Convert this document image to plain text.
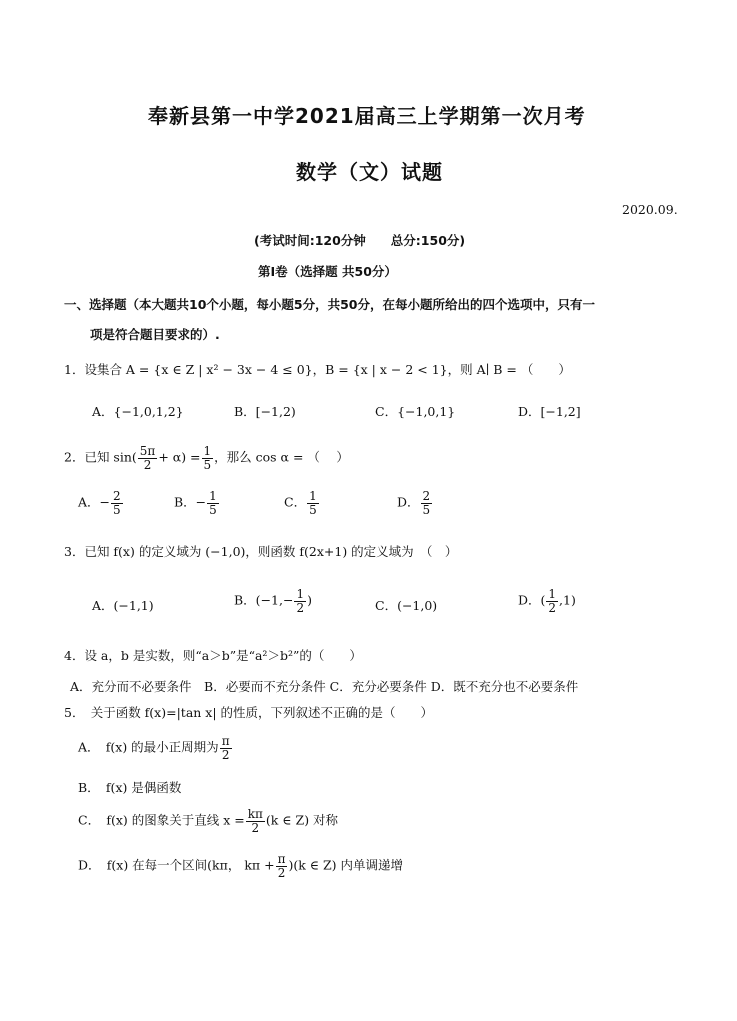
奉新县第一中学2021届高三上学期第一次月考
数学（文）试题
2020.09.
(考试时间:120分钟　　总分:150分)
第Ⅰ卷（选择题 共50分）
一、选择题（本大题共10个小题，每小题5分，共50分，在每小题所给出的四个选项中，只有一
项是符合题目要求的）.
1．设集合 A = {x ∈ Z | x² − 3x − 4 ≤ 0}，B = {x | x − 2 < 1}，则 A∣ B = （　　）
A．{−1,0,1,2}	B．[−1,2)	C．{−1,0,1}	D．[−1,2]
2．已知 $\sin( \frac{5\pi}{2} + \alpha) = \frac{1}{5}$ ，那么 cos α = （　 ）
A．− $\frac{2}{5}$	B．− $\frac{1}{5}$	C． $\frac{1}{5}$	D． $\frac{2}{5}$
3．已知 f(x) 的定义域为 (−1,0)，则函数 f(2x+1) 的定义域为　（　）
A．(−1,1)	B．($-1,- \frac{1}{2}$ )	C．(−1,0)	D．( $\frac{1}{2} ,1$)
4．设 a，b 是实数，则“a＞b”是“a²＞b²”的（　　）
A．充分而不必要条件　B．必要而不充分条件 C．充分必要条件 D．既不充分也不必要条件
5．　关于函数 f(x)=|tan x| 的性质，下列叙述不正确的是（　　）
A．　f(x) 的最小正周期为 $\frac{\pi}{2}$
B．　f(x) 是偶函数
C．　f(x) 的图象关于直线 $x = \frac{k\pi}{2} (k$ ∈ Z) 对称
D．　f(x) 在每一个区间(kπ， $k\pi + \frac{\pi}{2} )(k$ ∈ Z) 内单调递增
